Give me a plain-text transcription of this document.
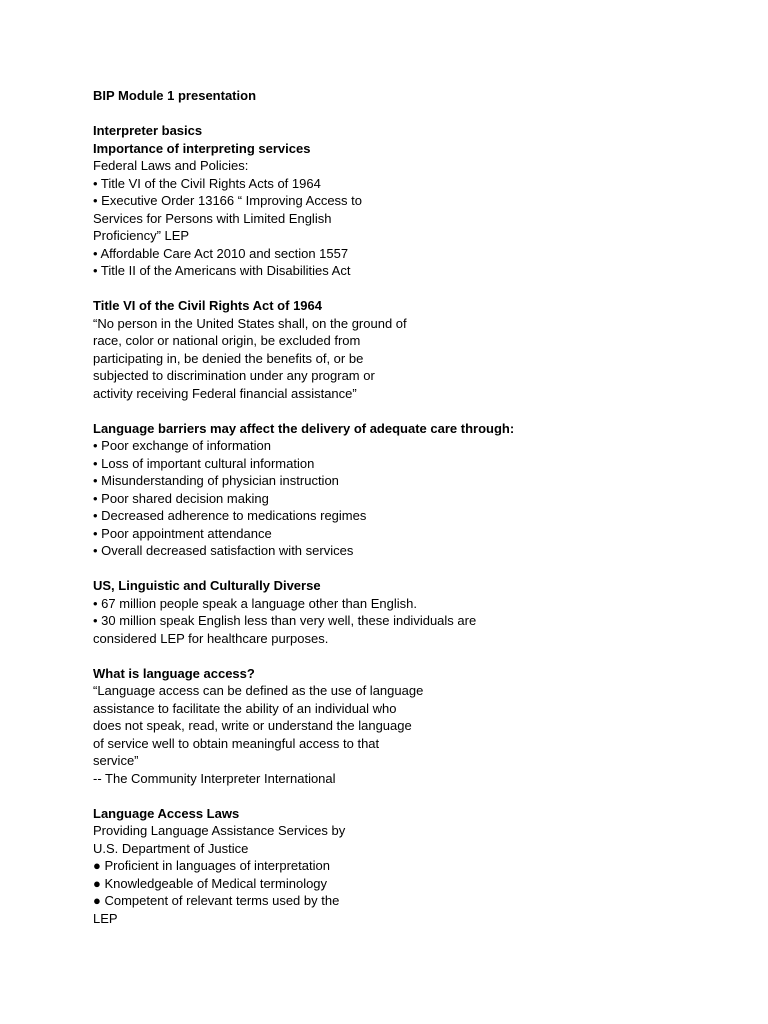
BIP Module 1 presentation
Interpreter basics
Importance of interpreting services
Federal Laws and Policies:
• Title VI of the Civil Rights Acts of 1964
• Executive Order 13166 “ Improving Access to
Services for Persons with Limited English
Proficiency” LEP
• Affordable Care Act 2010 and section 1557
• Title II of the Americans with Disabilities Act
Title VI of the Civil Rights Act of 1964
“No person in the United States shall, on the ground of
race, color or national origin, be excluded from
participating in, be denied the benefits of, or be
subjected to discrimination under any program or
activity receiving Federal financial assistance”
Language barriers may affect the delivery of adequate care through:
• Poor exchange of information
• Loss of important cultural information
• Misunderstanding of physician instruction
• Poor shared decision making
• Decreased adherence to medications regimes
• Poor appointment attendance
• Overall decreased satisfaction with services
US, Linguistic and Culturally Diverse
• 67 million people speak a language other than English.
• 30 million speak English less than very well, these individuals are
considered LEP for healthcare purposes.
What is language access?
“Language access can be defined as the use of language
assistance to facilitate the ability of an individual who
does not speak, read, write or understand the language
of service well to obtain meaningful access to that
service”
-- The Community Interpreter International
Language Access Laws
Providing Language Assistance Services by
U.S. Department of Justice
● Proficient in languages of interpretation
● Knowledgeable of Medical terminology
● Competent of relevant terms used by the
LEP
